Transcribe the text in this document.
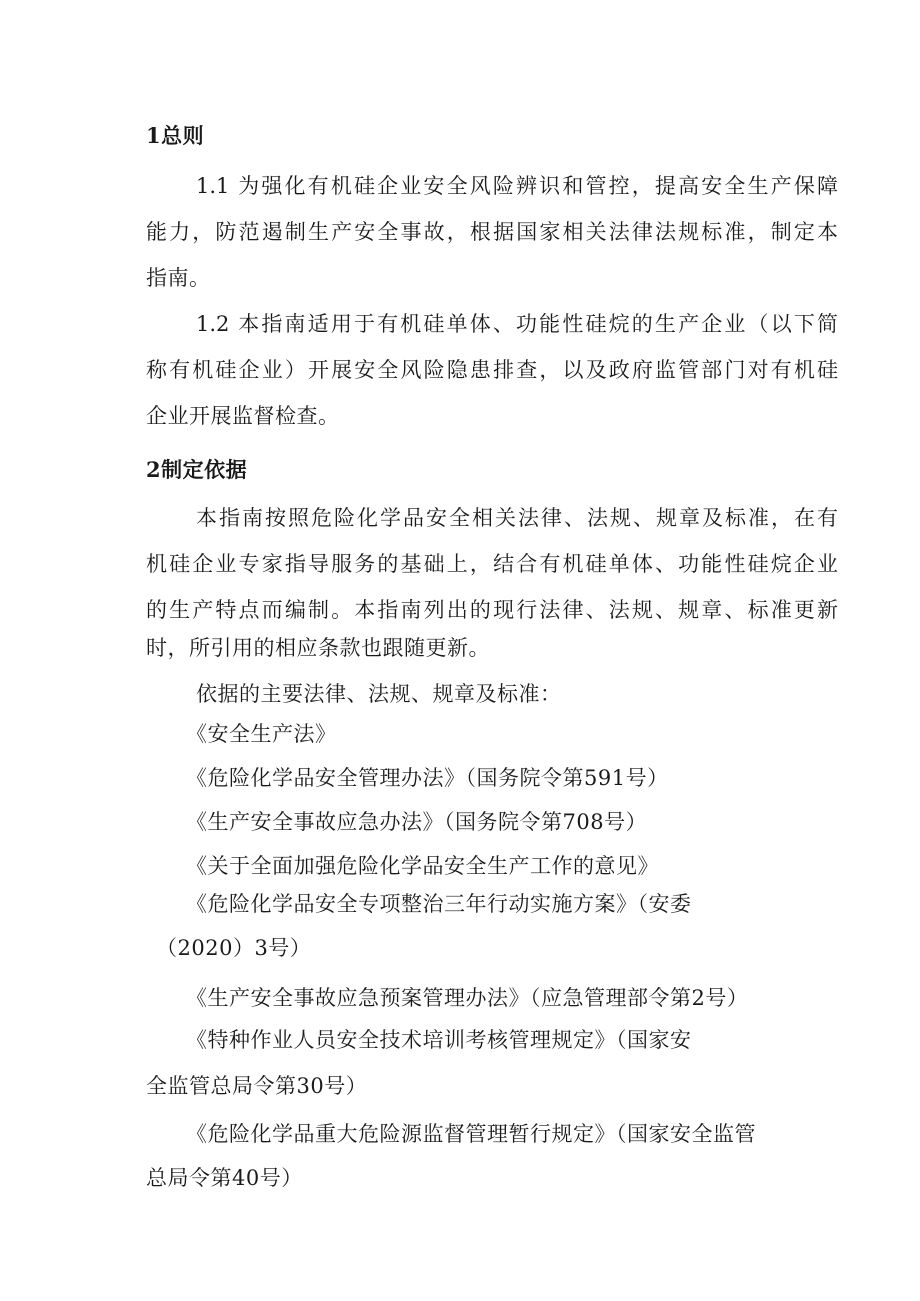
1总则
1.1 为强化有机硅企业安全风险辨识和管控，提高安全生产保障
能力，防范遏制生产安全事故，根据国家相关法律法规标准，制定本
指南。
1.2 本指南适用于有机硅单体、功能性硅烷的生产企业（以下简
称有机硅企业）开展安全风险隐患排查，以及政府监管部门对有机硅
企业开展监督检查。
2制定依据
本指南按照危险化学品安全相关法律、法规、规章及标准，在有
机硅企业专家指导服务的基础上，结合有机硅单体、功能性硅烷企业
的生产特点而编制。本指南列出的现行法律、法规、规章、标准更新
时，所引用的相应条款也跟随更新。
依据的主要法律、法规、规章及标准：
《安全生产法》
《危险化学品安全管理办法》（国务院令第591号）
《生产安全事故应急办法》（国务院令第708号）
《关于全面加强危险化学品安全生产工作的意见》
《危险化学品安全专项整治三年行动实施方案》（安委
（2020）3号）
《生产安全事故应急预案管理办法》（应急管理部令第2号）
《特种作业人员安全技术培训考核管理规定》（国家安
全监管总局令第30号）
《危险化学品重大危险源监督管理暂行规定》（国家安全监管
总局令第40号）
